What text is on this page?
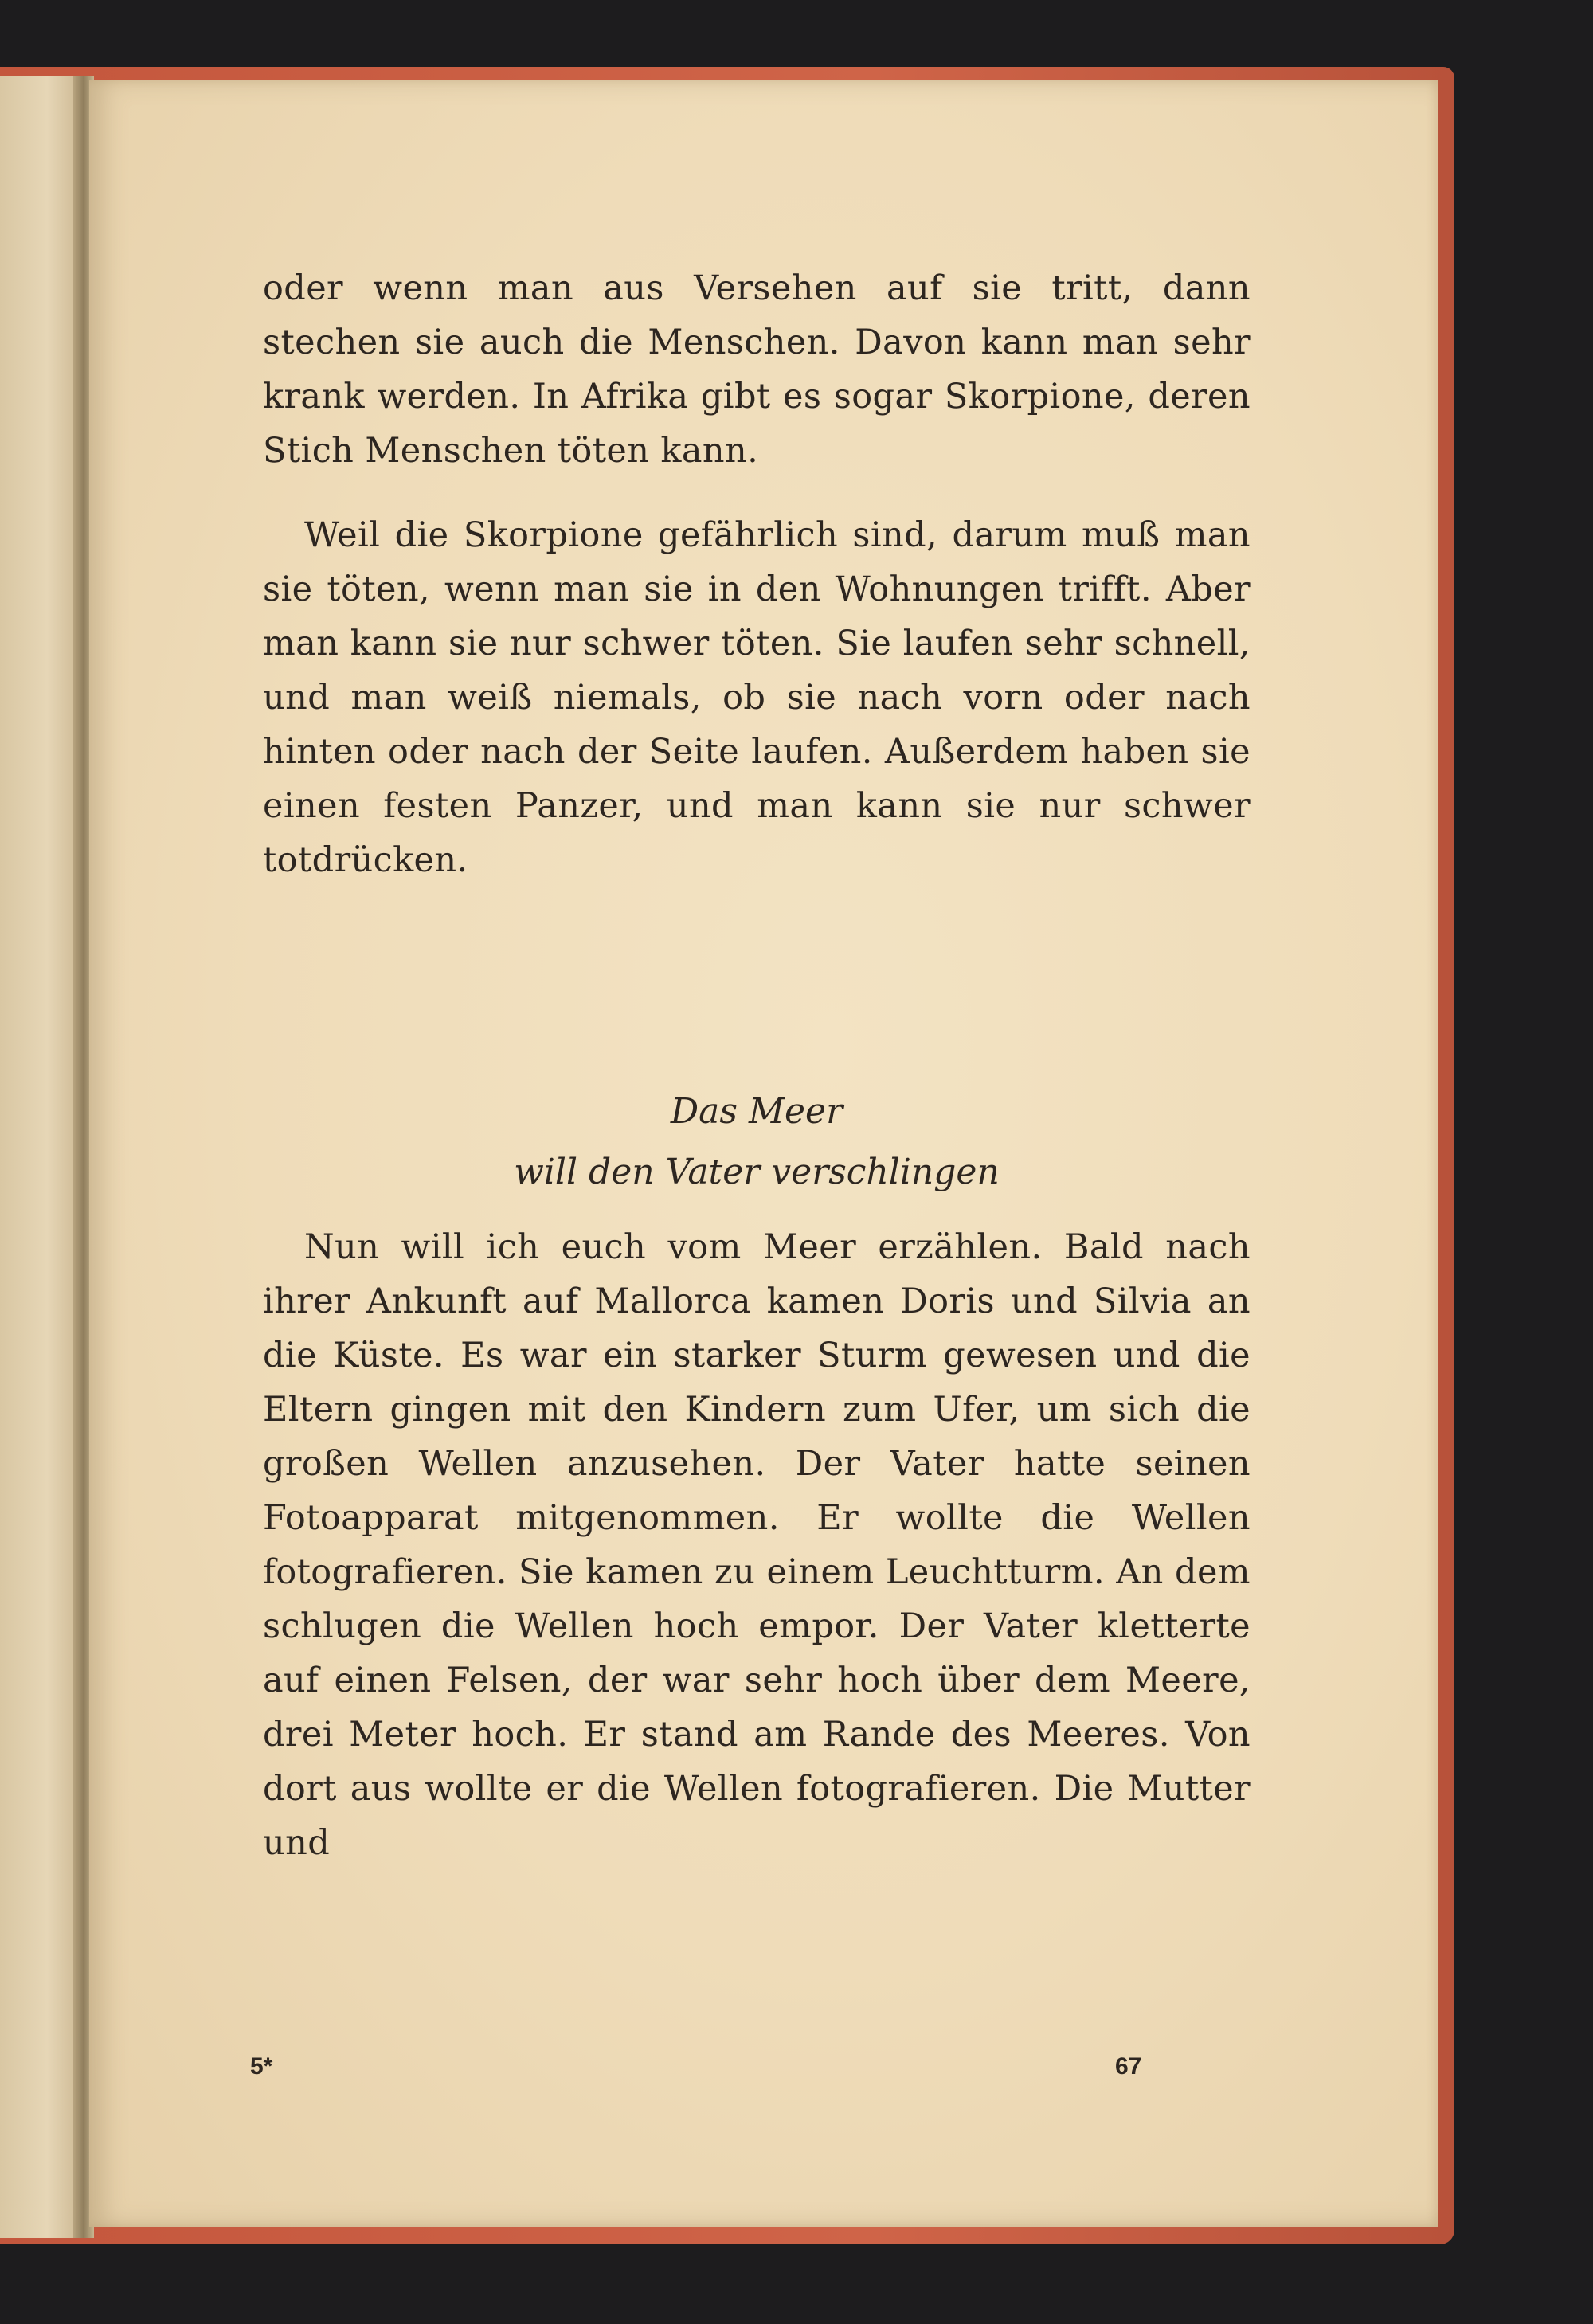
oder wenn man aus Versehen auf sie tritt, dann stechen sie auch die Menschen. Davon kann man sehr krank werden. In Afrika gibt es sogar Skorpione, deren Stich Menschen töten kann.

Weil die Skorpione gefährlich sind, darum muß man sie töten, wenn man sie in den Wohnungen trifft. Aber man kann sie nur schwer töten. Sie laufen sehr schnell, und man weiß niemals, ob sie nach vorn oder nach hinten oder nach der Seite laufen. Außerdem haben sie einen festen Panzer, und man kann sie nur schwer totdrücken.

Das Meer
will den Vater verschlingen

Nun will ich euch vom Meer erzählen. Bald nach ihrer Ankunft auf Mallorca kamen Doris und Silvia an die Küste. Es war ein starker Sturm gewesen und die Eltern gingen mit den Kindern zum Ufer, um sich die großen Wellen anzusehen. Der Vater hatte seinen Fotoapparat mitgenommen. Er wollte die Wellen fotografieren. Sie kamen zu einem Leuchtturm. An dem schlugen die Wellen hoch empor. Der Vater kletterte auf einen Felsen, der war sehr hoch über dem Meere, drei Meter hoch. Er stand am Rande des Meeres. Von dort aus wollte er die Wellen fotografieren. Die Mutter und

5*	67
